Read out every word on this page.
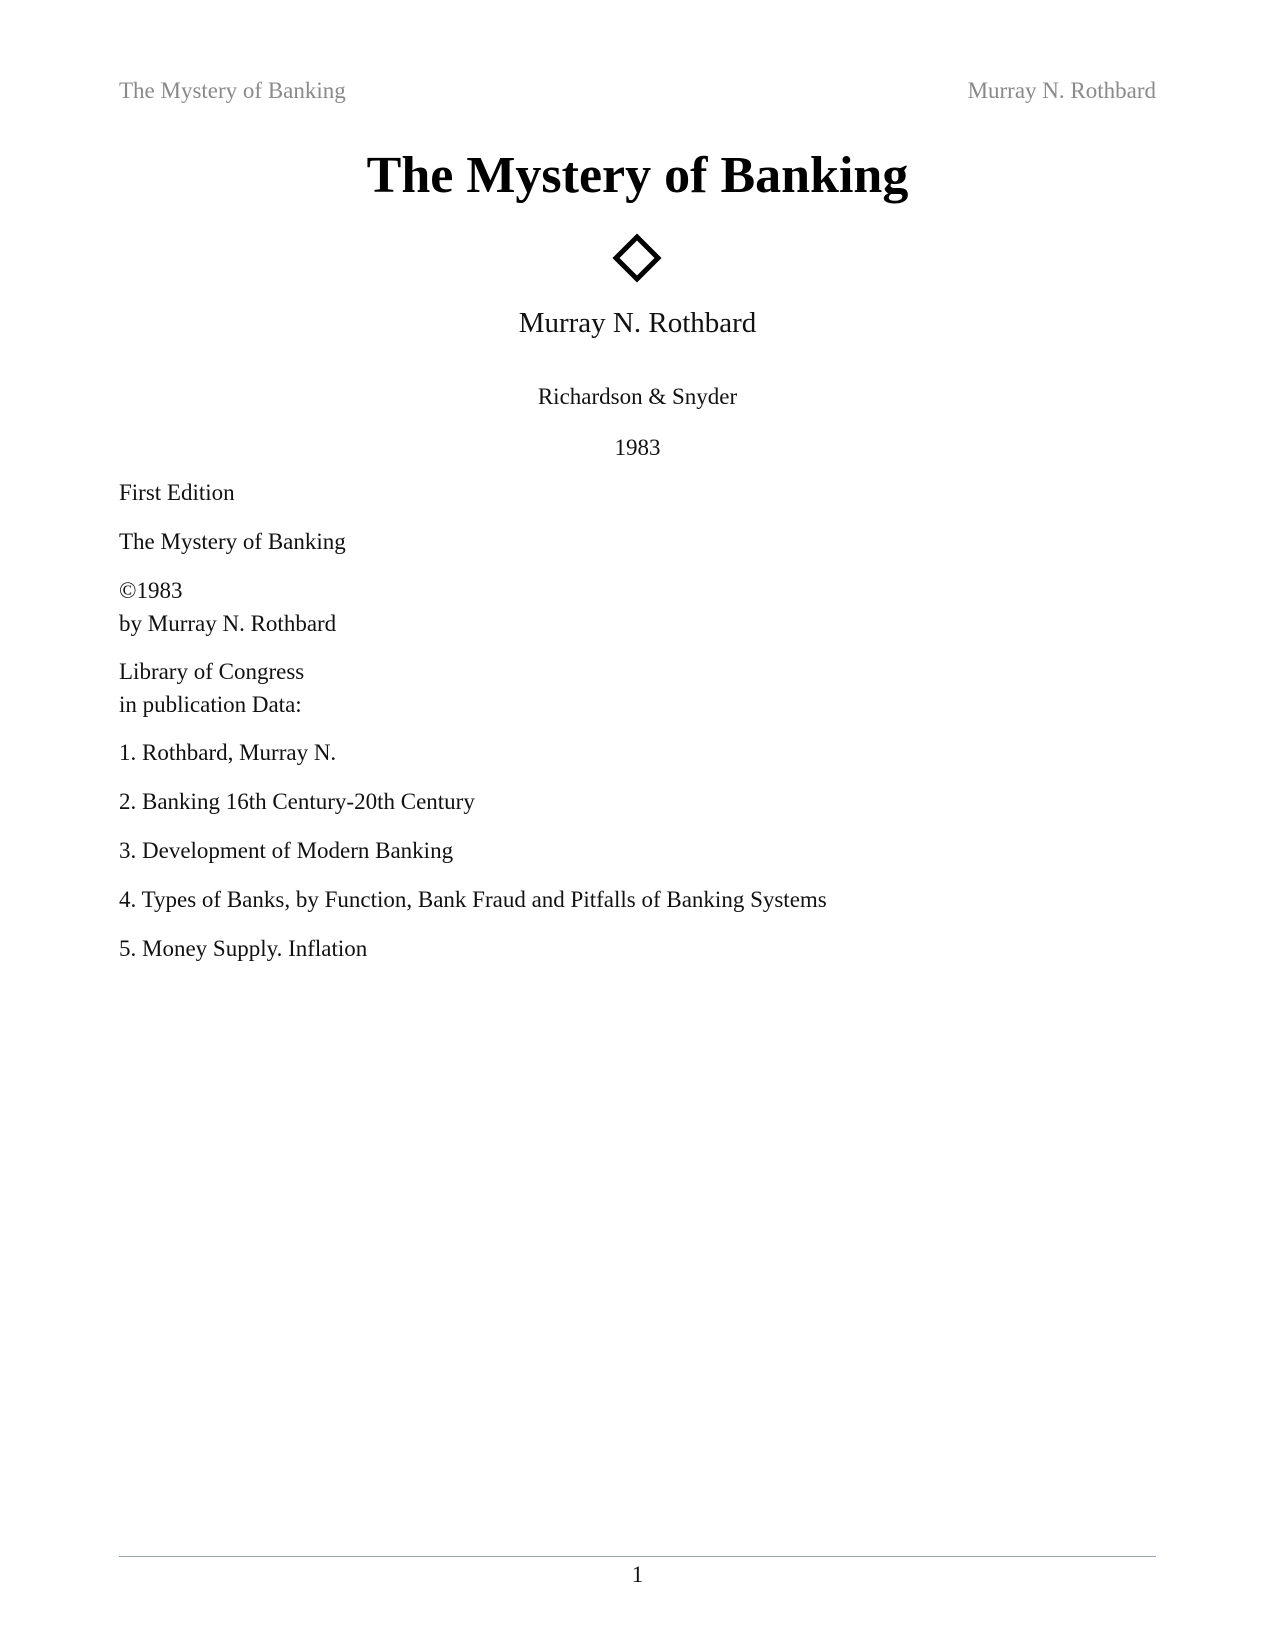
The Mystery of Banking	Murray N. Rothbard
The Mystery of Banking
Murray N. Rothbard
Richardson & Snyder
1983
First Edition
The Mystery of Banking
©1983
by Murray N. Rothbard
Library of Congress
in publication Data:
1. Rothbard, Murray N.
2. Banking 16th Century-20th Century
3. Development of Modern Banking
4. Types of Banks, by Function, Bank Fraud and Pitfalls of Banking Systems
5. Money Supply. Inflation
1
